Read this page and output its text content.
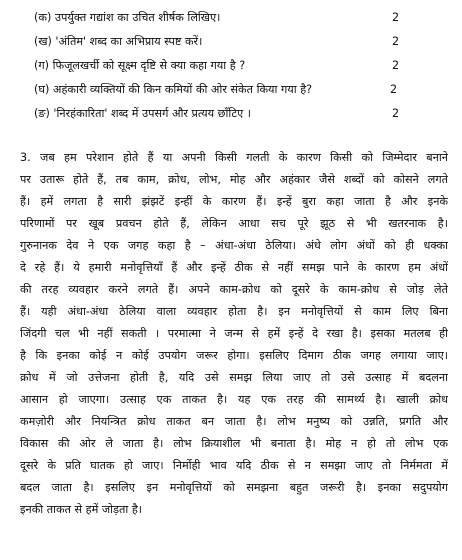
(क) उपर्युक्त गद्यांश का उचित शीर्षक लिखिए।	2
(ख) 'अंतिम' शब्द का अभिप्राय स्पष्ट करें।	2
(ग) फिजूलखर्ची को सूक्ष्म दृष्टि से क्या कहा गया है ?	2
(घ) अहंकारी व्यक्तियों की किन कमियों की ओर संकेत किया गया है?	2
(ङ) 'निरहंकारिता' शब्द में उपसर्ग और प्रत्यय छाँटिए ।	2
3. जब हम परेशान होते हैं या अपनी किसी गलती के कारण किसी को जिम्मेदार बनाने
पर उतारू होते हैं, तब काम, क्रोध, लोभ, मोह और अहंकार जैसे शब्दों को कोसने लगते
हैं। हमें लगता है सारी झंझटें इन्हीं के कारण हैं। इन्हें बुरा कहा जाता है और इनके
परिणामों पर खूब प्रवचन होते हैं, लेकिन आधा सच पूरे झूठ से भी खतरनाक है।
गुरुनानक देव ने एक जगह कहा है – अंधा-अंधा ठेलिया। अंधे लोग अंधों को ही धक्का
दे रहे हैं। ये हमारी मनोवृत्तियाँ हैं और इन्हें ठीक से नहीं समझ पाने के कारण हम अंधों
की तरह व्यवहार करने लगते हैं। अपने काम-क्रोध को दूसरे के काम-क्रोध से जोड़ लेते
हैं। यही अंधा-अंधा ठेलिया वाला व्यवहार होता है। इन मनोवृत्तियों से काम लिए बिना
जिंदगी चल भी नहीं सकती । परमात्मा ने जन्म से हमें इन्हें दे रखा है। इसका मतलब ही
है कि इनका कोई न कोई उपयोग जरूर होगा। इसलिए दिमाग ठीक जगह लगाया जाए।
क्रोध में जो उत्तेजना होती है, यदि उसे समझ लिया जाए तो उसे उत्साह में बदलना
आसान हो जाएगा। उत्साह एक ताकत है। यह एक तरह की सामर्थ्य है। खाली क्रोध
कमज़ोरी और नियन्त्रित क्रोध ताकत बन जाता है। लोभ मनुष्य को उन्नति, प्रगति और
विकास की ओर ले जाता है। लोभ क्रियाशील भी बनाता है। मोह न हो तो लोभ एक
दूसरे के प्रति घातक हो जाए। निर्मोही भाव यदि ठीक से न समझा जाए तो निर्ममता में
बदल जाता है। इसलिए इन मनोवृत्तियों को समझना बहुत जरूरी है। इनका सदुपयोग
इनकी ताकत से हमें जोड़ता है।
